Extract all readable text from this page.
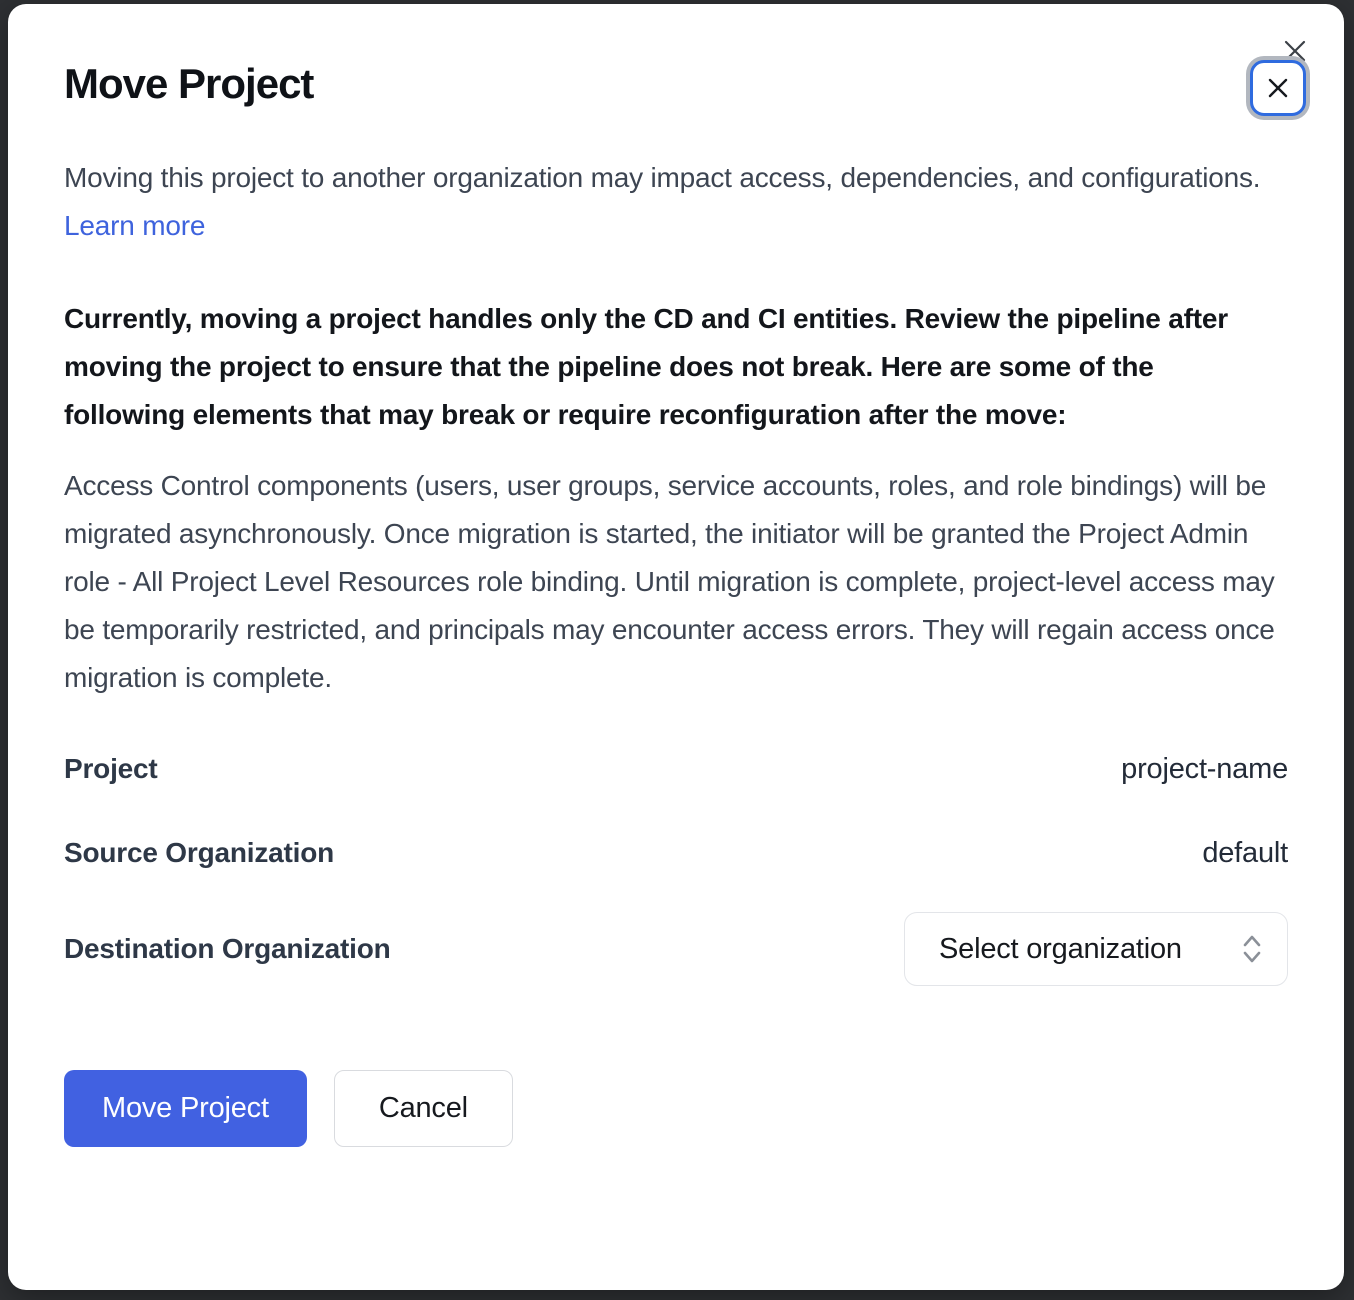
Move Project

Moving this project to another organization may impact access, dependencies, and configurations. Learn more

Currently, moving a project handles only the CD and CI entities. Review the pipeline after moving the project to ensure that the pipeline does not break. Here are some of the following elements that may break or require reconfiguration after the move:

Access Control components (users, user groups, service accounts, roles, and role bindings) will be migrated asynchronously. Once migration is started, the initiator will be granted the Project Admin role - All Project Level Resources role binding. Until migration is complete, project-level access may be temporarily restricted, and principals may encounter access errors. They will regain access once migration is complete.

Project	project-name
Source Organization	default
Destination Organization	Select organization
Move Project	Cancel
